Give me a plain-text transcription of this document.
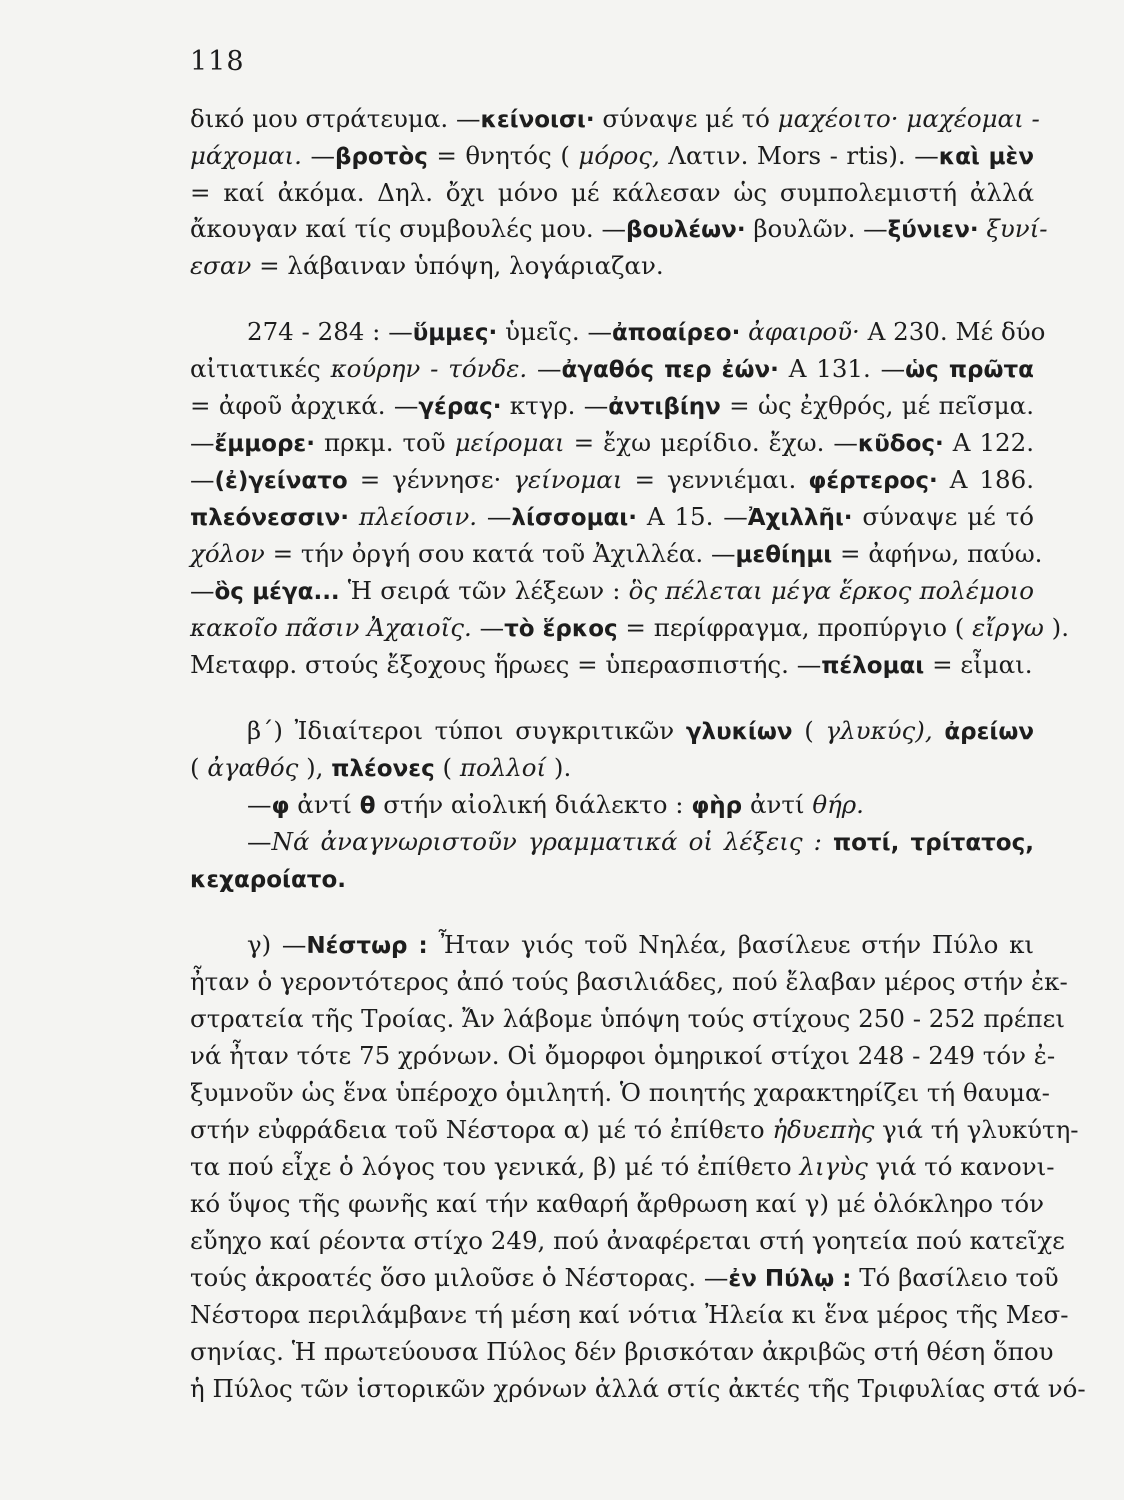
118
δικό μου στράτευμα. —κείνοισι· σύναψε μέ τό μαχέοιτο· μαχέομαι -
μάχομαι. —βροτὸς = θνητός ( μόρος, Λατιν. Mors - rtis). —καὶ μὲν
= καί ἀκόμα. Δηλ. ὄχι μόνο μέ κάλεσαν ὡς συμπολεμιστή ἀλλά
ἄκουγαν καί τίς συμβουλές μου. —βουλέων· βουλῶν. —ξύνιεν· ξυνί-
εσαν = λάβαιναν ὑπόψη, λογάριαζαν.
274 - 284 : —ὕμμες· ὑμεῖς. —ἀποαίρεο· ἀφαιροῦ· Α 230. Μέ δύο
αἰτιατικές κούρην - τόνδε. —ἀγαθός περ ἐών· Α 131. —ὡς πρῶτα
= ἀφοῦ ἀρχικά. —γέρας· κτγρ. —ἀντιβίην = ὡς ἐχθρός, μέ πεῖσμα.
—ἔμμορε· πρκμ. τοῦ μείρομαι = ἔχω μερίδιο. ἔχω. —κῦδος· Α 122.
—(ἐ)γείνατο = γέννησε· γείνομαι = γεννιέμαι. φέρτερος· Α 186.
πλεόνεσσιν· πλείοσιν. —λίσσομαι· Α 15. —Ἀχιλλῆι· σύναψε μέ τό
χόλον = τήν ὀργή σου κατά τοῦ Ἀχιλλέα. —μεθίημι = ἀφήνω, παύω.
—ὃς μέγα... Ἡ σειρά τῶν λέξεων : ὃς πέλεται μέγα ἕρκος πολέμοιο
κακοῖο πᾶσιν Ἀχαιοῖς. —τὸ ἕρκος = περίφραγμα, προπύργιο ( εἴργω ).
Μεταφρ. στούς ἔξοχους ἥρωες = ὑπερασπιστής. —πέλομαι = εἶμαι.
β΄) Ἰδιαίτεροι τύποι συγκριτικῶν γλυκίων ( γλυκύς), ἀρείων
( ἀγαθός ), πλέονες ( πολλοί ).
—φ ἀντί θ στήν αἰολική διάλεκτο : φὴρ ἀντί θήρ.
—Νά ἀναγνωριστοῦν γραμματικά οἱ λέξεις : ποτί, τρίτατος,
κεχαροίατο.
γ) —Νέστωρ : Ἦταν γιός τοῦ Νηλέα, βασίλευε στήν Πύλο κι
ἦταν ὁ γεροντότερος ἀπό τούς βασιλιάδες, πού ἔλαβαν μέρος στήν ἐκ-
στρατεία τῆς Τροίας. Ἄν λάβομε ὑπόψη τούς στίχους 250 - 252 πρέπει
νά ἦταν τότε 75 χρόνων. Οἱ ὄμορφοι ὁμηρικοί στίχοι 248 - 249 τόν ἐ-
ξυμνοῦν ὡς ἕνα ὑπέροχο ὁμιλητή. Ὁ ποιητής χαρακτηρίζει τή θαυμα-
στήν εὐφράδεια τοῦ Νέστορα α) μέ τό ἐπίθετο ἡδυεπὴς γιά τή γλυκύτη-
τα πού εἶχε ὁ λόγος του γενικά, β) μέ τό ἐπίθετο λιγὺς γιά τό κανονι-
κό ὕψος τῆς φωνῆς καί τήν καθαρή ἄρθρωση καί γ) μέ ὁλόκληρο τόν
εὔηχο καί ρέοντα στίχο 249, πού ἀναφέρεται στή γοητεία πού κατεῖχε
τούς ἀκροατές ὅσο μιλοῦσε ὁ Νέστορας. —ἐν Πύλῳ : Τό βασίλειο τοῦ
Νέστορα περιλάμβανε τή μέση καί νότια Ἠλεία κι ἕνα μέρος τῆς Μεσ-
σηνίας. Ἡ πρωτεύουσα Πύλος δέν βρισκόταν ἀκριβῶς στή θέση ὅπου
ἡ Πύλος τῶν ἱστορικῶν χρόνων ἀλλά στίς ἀκτές τῆς Τριφυλίας στά νό-
